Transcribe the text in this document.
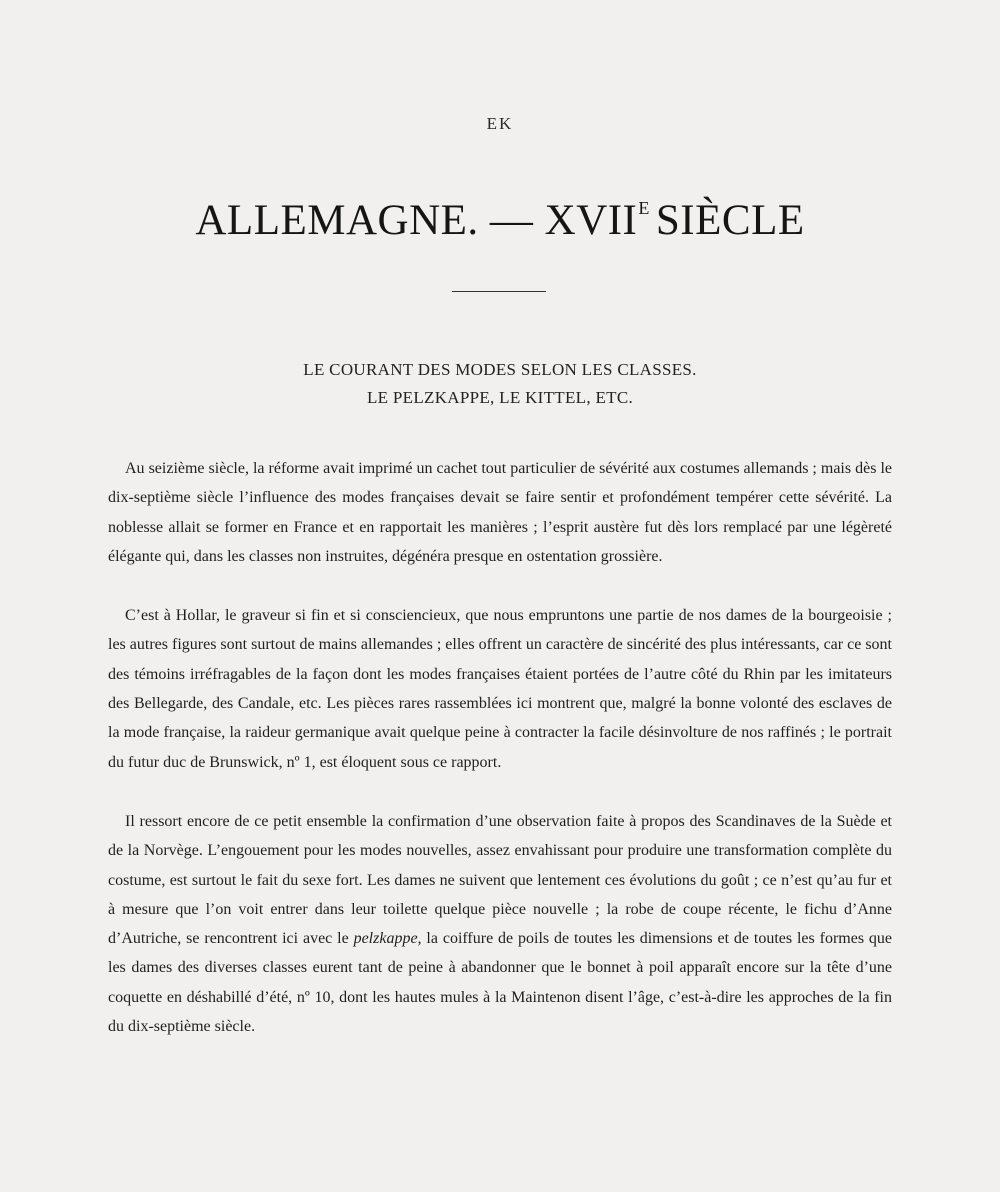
EK
ALLEMAGNE. — $XVII^E$ SIÈCLE
LE COURANT DES MODES SELON LES CLASSES.
LE PELZKAPPE, LE KITTEL, ETC.

Au seizième siècle, la réforme avait imprimé un cachet tout particulier de sévérité aux costumes allemands ; mais dès le dix-septième siècle l’influence des modes françaises devait se faire sentir et profondément tempérer cette sévérité. La noblesse allait se former en France et en rapportait les manières ; l’esprit austère fut dès lors remplacé par une légèreté élégante qui, dans les classes non instruites, dégénéra presque en ostentation grossière.

C’est à Hollar, le graveur si fin et si consciencieux, que nous empruntons une partie de nos dames de la bourgeoisie ; les autres figures sont surtout de mains allemandes ; elles offrent un caractère de sincérité des plus intéressants, car ce sont des témoins irréfragables de la façon dont les modes françaises étaient portées de l’autre côté du Rhin par les imitateurs des Bellegarde, des Candale, etc. Les pièces rares rassemblées ici montrent que, malgré la bonne volonté des esclaves de la mode française, la raideur germanique avait quelque peine à contracter la facile désinvolture de nos raffinés ; le portrait du futur duc de Brunswick, nº 1, est éloquent sous ce rapport.

Il ressort encore de ce petit ensemble la confirmation d’une observation faite à propos des Scandinaves de la Suède et de la Norvège. L’engouement pour les modes nouvelles, assez envahissant pour produire une transformation complète du costume, est surtout le fait du sexe fort. Les dames ne suivent que lentement ces évolutions du goût ; ce n’est qu’au fur et à mesure que l’on voit entrer dans leur toilette quelque pièce nouvelle ; la robe de coupe récente, le fichu d’Anne d’Autriche, se rencontrent ici avec le pelzkappe, la coiffure de poils de toutes les dimensions et de toutes les formes que les dames des diverses classes eurent tant de peine à abandonner que le bonnet à poil apparaît encore sur la tête d’une coquette en déshabillé d’été, nº 10, dont les hautes mules à la Maintenon disent l’âge, c’est-à-dire les approches de la fin du dix-septième siècle.
